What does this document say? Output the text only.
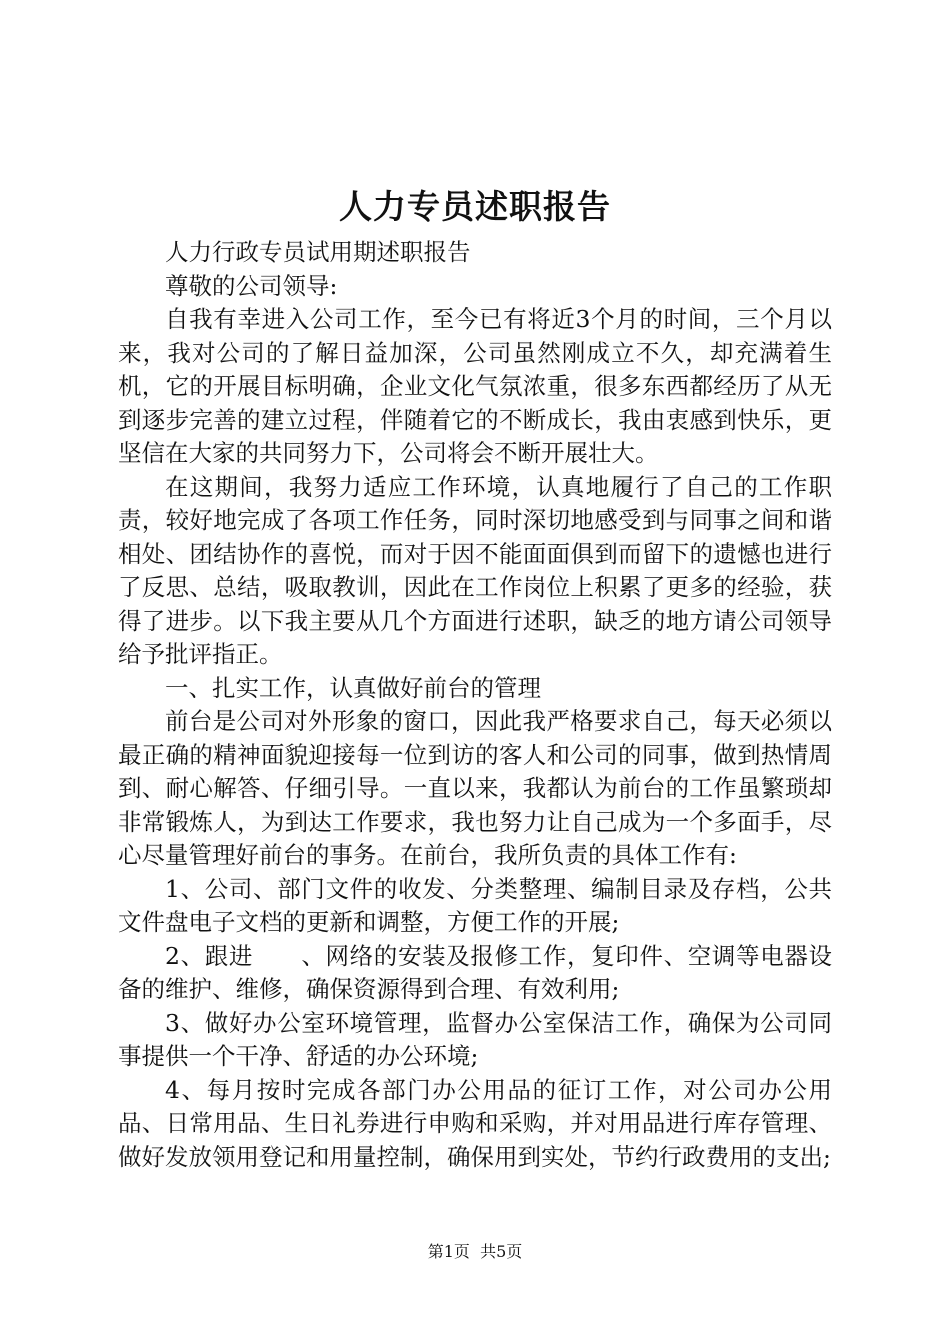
人力专员述职报告

人力行政专员试用期述职报告

尊敬的公司领导:

自我有幸进入公司工作，至今已有将近3个月的时间，三个月以来，我对公司的了解日益加深，公司虽然刚成立不久，却充满着生机，它的开展目标明确，企业文化气氛浓重，很多东西都经历了从无到逐步完善的建立过程，伴随着它的不断成长，我由衷感到快乐，更坚信在大家的共同努力下，公司将会不断开展壮大。

在这期间，我努力适应工作环境，认真地履行了自己的工作职责，较好地完成了各项工作任务，同时深切地感受到与同事之间和谐相处、团结协作的喜悦，而对于因不能面面俱到而留下的遗憾也进行了反思、总结，吸取教训，因此在工作岗位上积累了更多的经验，获得了进步。以下我主要从几个方面进行述职，缺乏的地方请公司领导给予批评指正。

一、扎实工作，认真做好前台的管理

前台是公司对外形象的窗口，因此我严格要求自己，每天必须以最正确的精神面貌迎接每一位到访的客人和公司的同事，做到热情周到、耐心解答、仔细引导。一直以来，我都认为前台的工作虽繁琐却非常锻炼人，为到达工作要求，我也努力让自己成为一个多面手，尽心尽量管理好前台的事务。在前台，我所负责的具体工作有:

1、公司、部门文件的收发、分类整理、编制目录及存档，公共文件盘电子文档的更新和调整，方便工作的开展;

2、跟进　　、网络的安装及报修工作，复印件、空调等电器设备的维护、维修，确保资源得到合理、有效利用;

3、做好办公室环境管理，监督办公室保洁工作，确保为公司同事提供一个干净、舒适的办公环境;

4、每月按时完成各部门办公用品的征订工作，对公司办公用品、日常用品、生日礼券进行申购和采购，并对用品进行库存管理、做好发放领用登记和用量控制，确保用到实处，节约行政费用的支出;

第1页  共5页
